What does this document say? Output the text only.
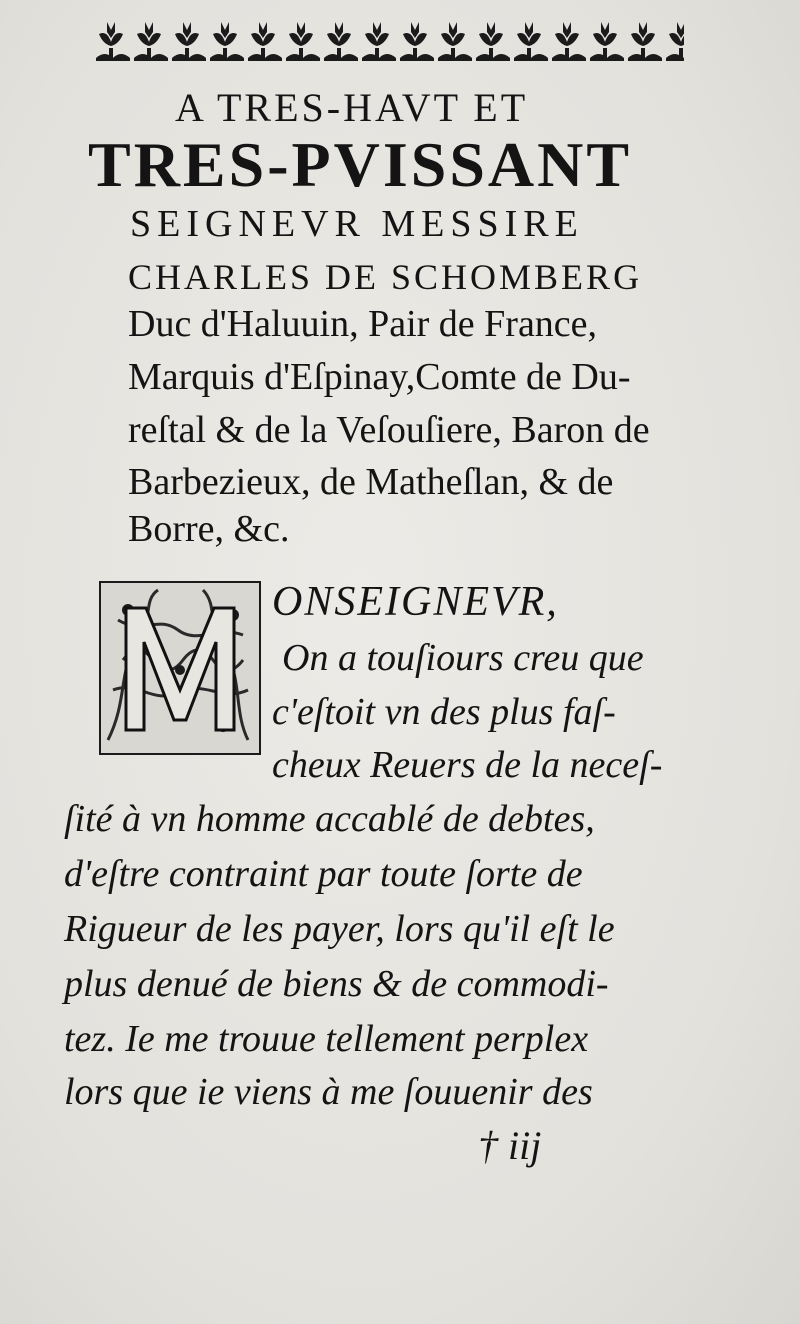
A TRES-HAVT ET

TRES-PVISSANT

SEIGNEVR MESSIRE

CHARLES DE SCHOMBERG

Duc d'Haluuin, Pair de France,

Marquis d'Eſpinay,Comte de Du-

reſtal & de la Veſouſiere, Baron de

Barbezieux, de Matheſlan, & de

Borre, &c.

ONSEIGNEVR,

On a touſiours creu que

c'eſtoit vn des plus faſ-

cheux Reuers de la neceſ-

ſité à vn homme accablé de debtes,

d'eſtre contraint par toute ſorte de

Rigueur de les payer, lors qu'il eſt le

plus denué de biens & de commodi-

tez. Ie me trouue tellement perplex

lors que ie viens à me ſouuenir des

† iij
